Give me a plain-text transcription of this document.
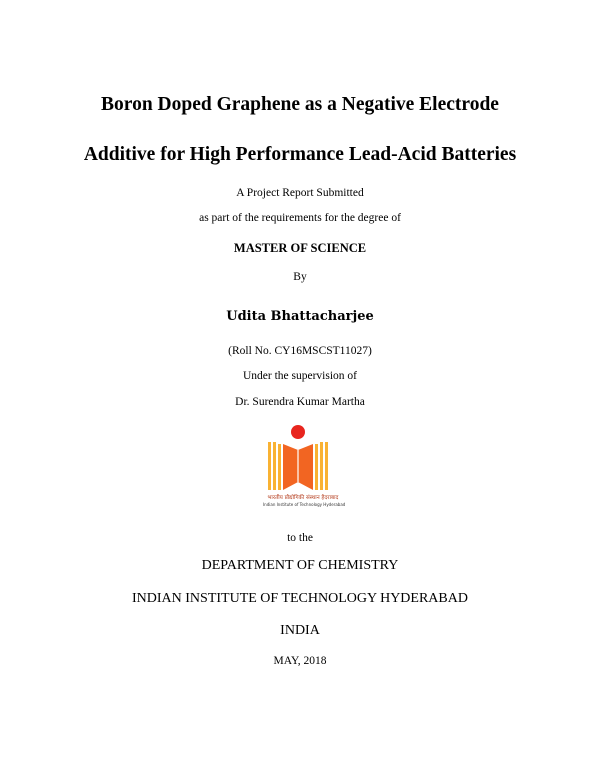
Boron Doped Graphene as a Negative Electrode
Additive for High Performance Lead-Acid Batteries
A Project Report Submitted
as part of the requirements for the degree of
MASTER OF SCIENCE
By
Udita Bhattacharjee
(Roll No. CY16MSCST11027)
Under the supervision of
Dr. Surendra Kumar Martha
भारतीय प्रौद्योगिकी संस्थान हैदराबाद
Indian Institute of Technology Hyderabad
to the
DEPARTMENT OF CHEMISTRY
INDIAN INSTITUTE OF TECHNOLOGY HYDERABAD
INDIA
MAY, 2018
